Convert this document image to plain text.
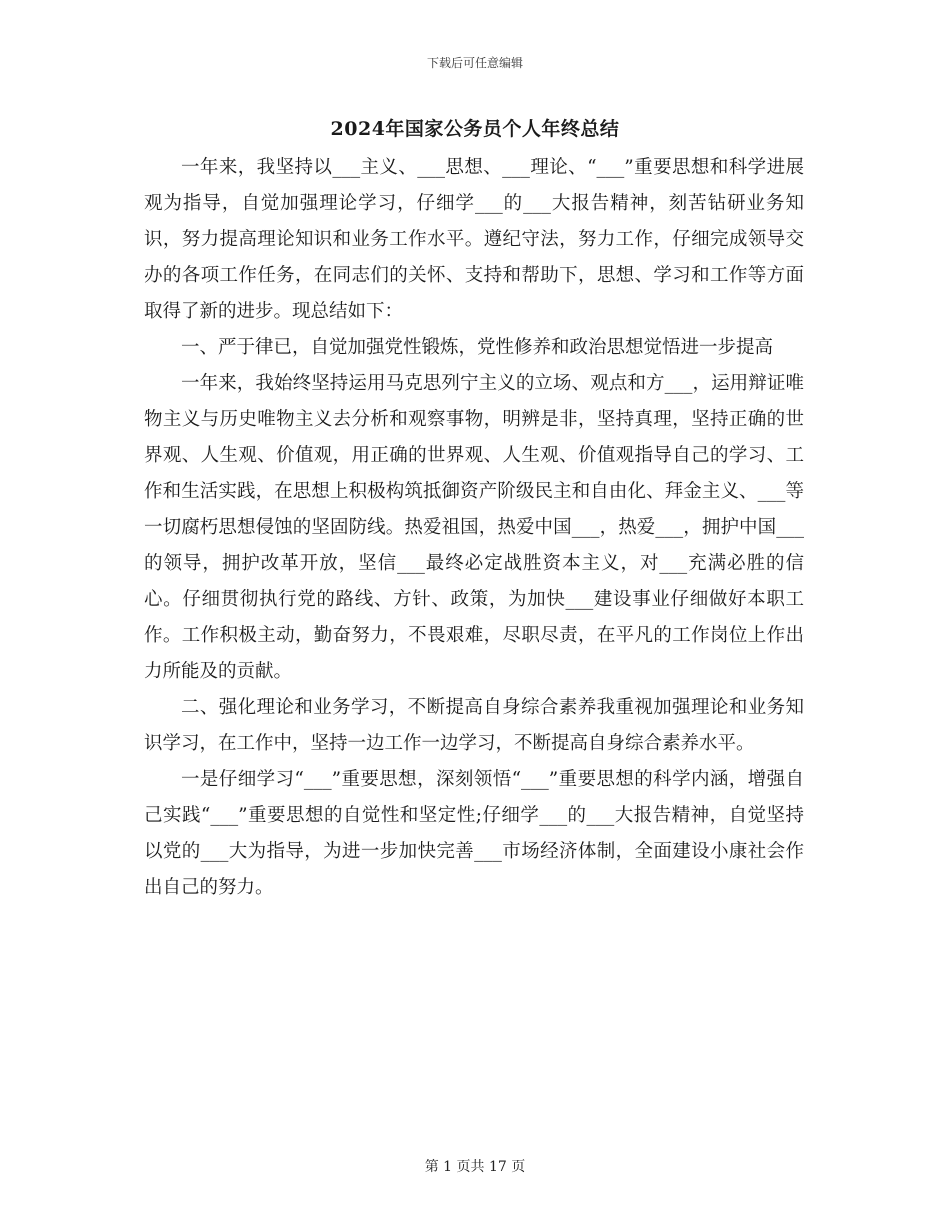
下载后可任意编辑
2024年国家公务员个人年终总结

一年来，我坚持以___主义、___思想、___理论、“___”重要思想和科学进展观为指导，自觉加强理论学习，仔细学___的___大报告精神，刻苦钻研业务知识，努力提高理论知识和业务工作水平。遵纪守法，努力工作，仔细完成领导交办的各项工作任务，在同志们的关怀、支持和帮助下，思想、学习和工作等方面取得了新的进步。现总结如下：

一、严于律已，自觉加强党性锻炼，党性修养和政治思想觉悟进一步提高

一年来，我始终坚持运用马克思列宁主义的立场、观点和方___，运用辩证唯物主义与历史唯物主义去分析和观察事物，明辨是非，坚持真理，坚持正确的世界观、人生观、价值观，用正确的世界观、人生观、价值观指导自己的学习、工作和生活实践，在思想上积极构筑抵御资产阶级民主和自由化、拜金主义、___等一切腐朽思想侵蚀的坚固防线。热爱祖国，热爱中国___，热爱___，拥护中国___的领导，拥护改革开放，坚信___最终必定战胜资本主义，对___充满必胜的信心。仔细贯彻执行党的路线、方针、政策，为加快___建设事业仔细做好本职工作。工作积极主动，勤奋努力，不畏艰难，尽职尽责，在平凡的工作岗位上作出力所能及的贡献。

二、强化理论和业务学习，不断提高自身综合素养我重视加强理论和业务知识学习，在工作中，坚持一边工作一边学习，不断提高自身综合素养水平。

一是仔细学习“___”重要思想，深刻领悟“___”重要思想的科学内涵，增强自己实践“___”重要思想的自觉性和坚定性;仔细学___的___大报告精神，自觉坚持以党的___大为指导，为进一步加快完善___市场经济体制，全面建设小康社会作出自己的努力。

第 1 页共 17 页
